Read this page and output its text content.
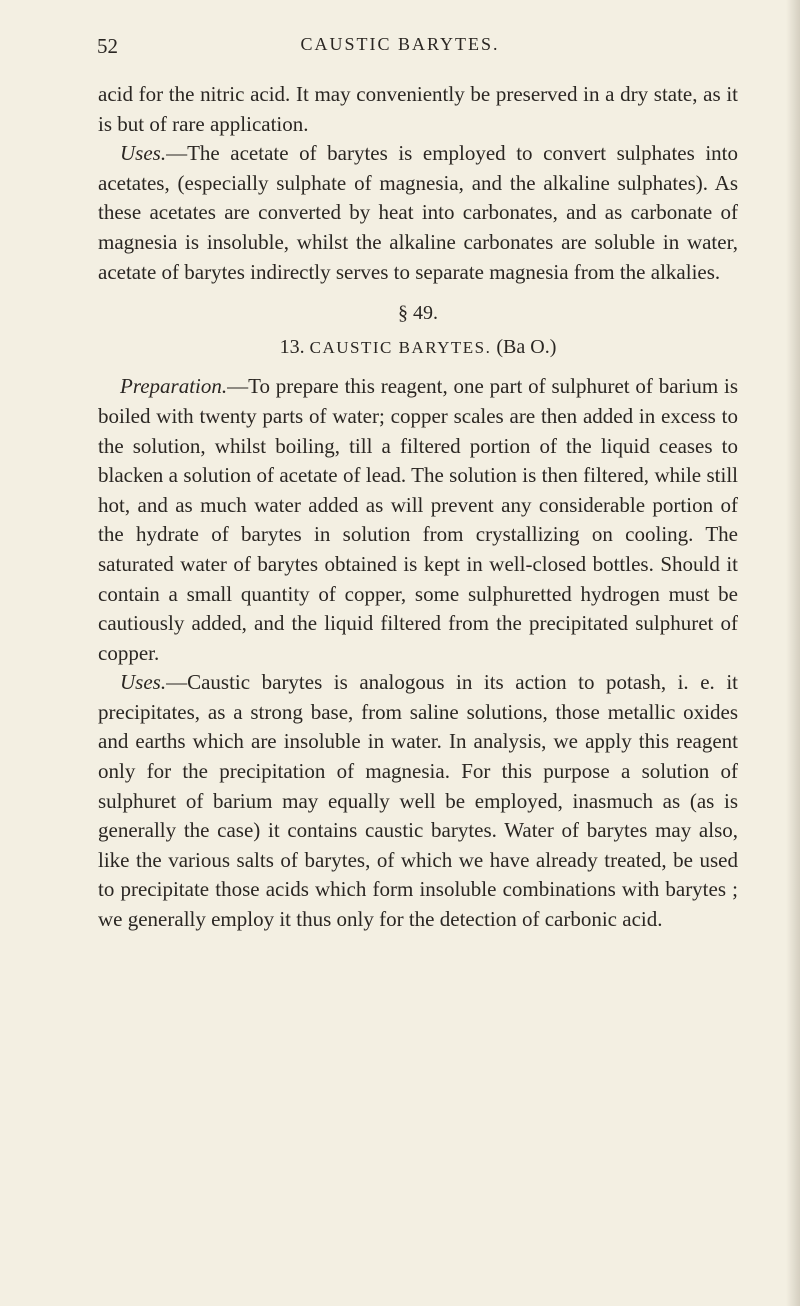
52	CAUSTIC BARYTES.

acid for the nitric acid. It may conveniently be preserved in a dry state, as it is but of rare application.

Uses.—The acetate of barytes is employed to convert sulphates into acetates, (especially sulphate of magnesia, and the alkaline sulphates). As these acetates are converted by heat into carbonates, and as carbonate of magnesia is insoluble, whilst the alkaline carbonates are soluble in water, acetate of barytes indirectly serves to separate magnesia from the alkalies.

§ 49.

13. CAUSTIC BARYTES. (Ba O.)

Preparation.—To prepare this reagent, one part of sulphuret of barium is boiled with twenty parts of water; copper scales are then added in excess to the solution, whilst boiling, till a filtered portion of the liquid ceases to blacken a solution of acetate of lead. The solution is then filtered, while still hot, and as much water added as will prevent any considerable portion of the hydrate of barytes in solution from crystallizing on cooling. The saturated water of barytes obtained is kept in well-closed bottles. Should it contain a small quantity of copper, some sulphuretted hydrogen must be cautiously added, and the liquid filtered from the precipitated sulphuret of copper.

Uses.—Caustic barytes is analogous in its action to potash, i. e. it precipitates, as a strong base, from saline solutions, those metallic oxides and earths which are insoluble in water. In analysis, we apply this reagent only for the precipitation of magnesia. For this purpose a solution of sulphuret of barium may equally well be employed, inasmuch as (as is generally the case) it contains caustic barytes. Water of barytes may also, like the various salts of barytes, of which we have already treated, be used to precipitate those acids which form insoluble combinations with barytes ; we generally employ it thus only for the detection of carbonic acid.
